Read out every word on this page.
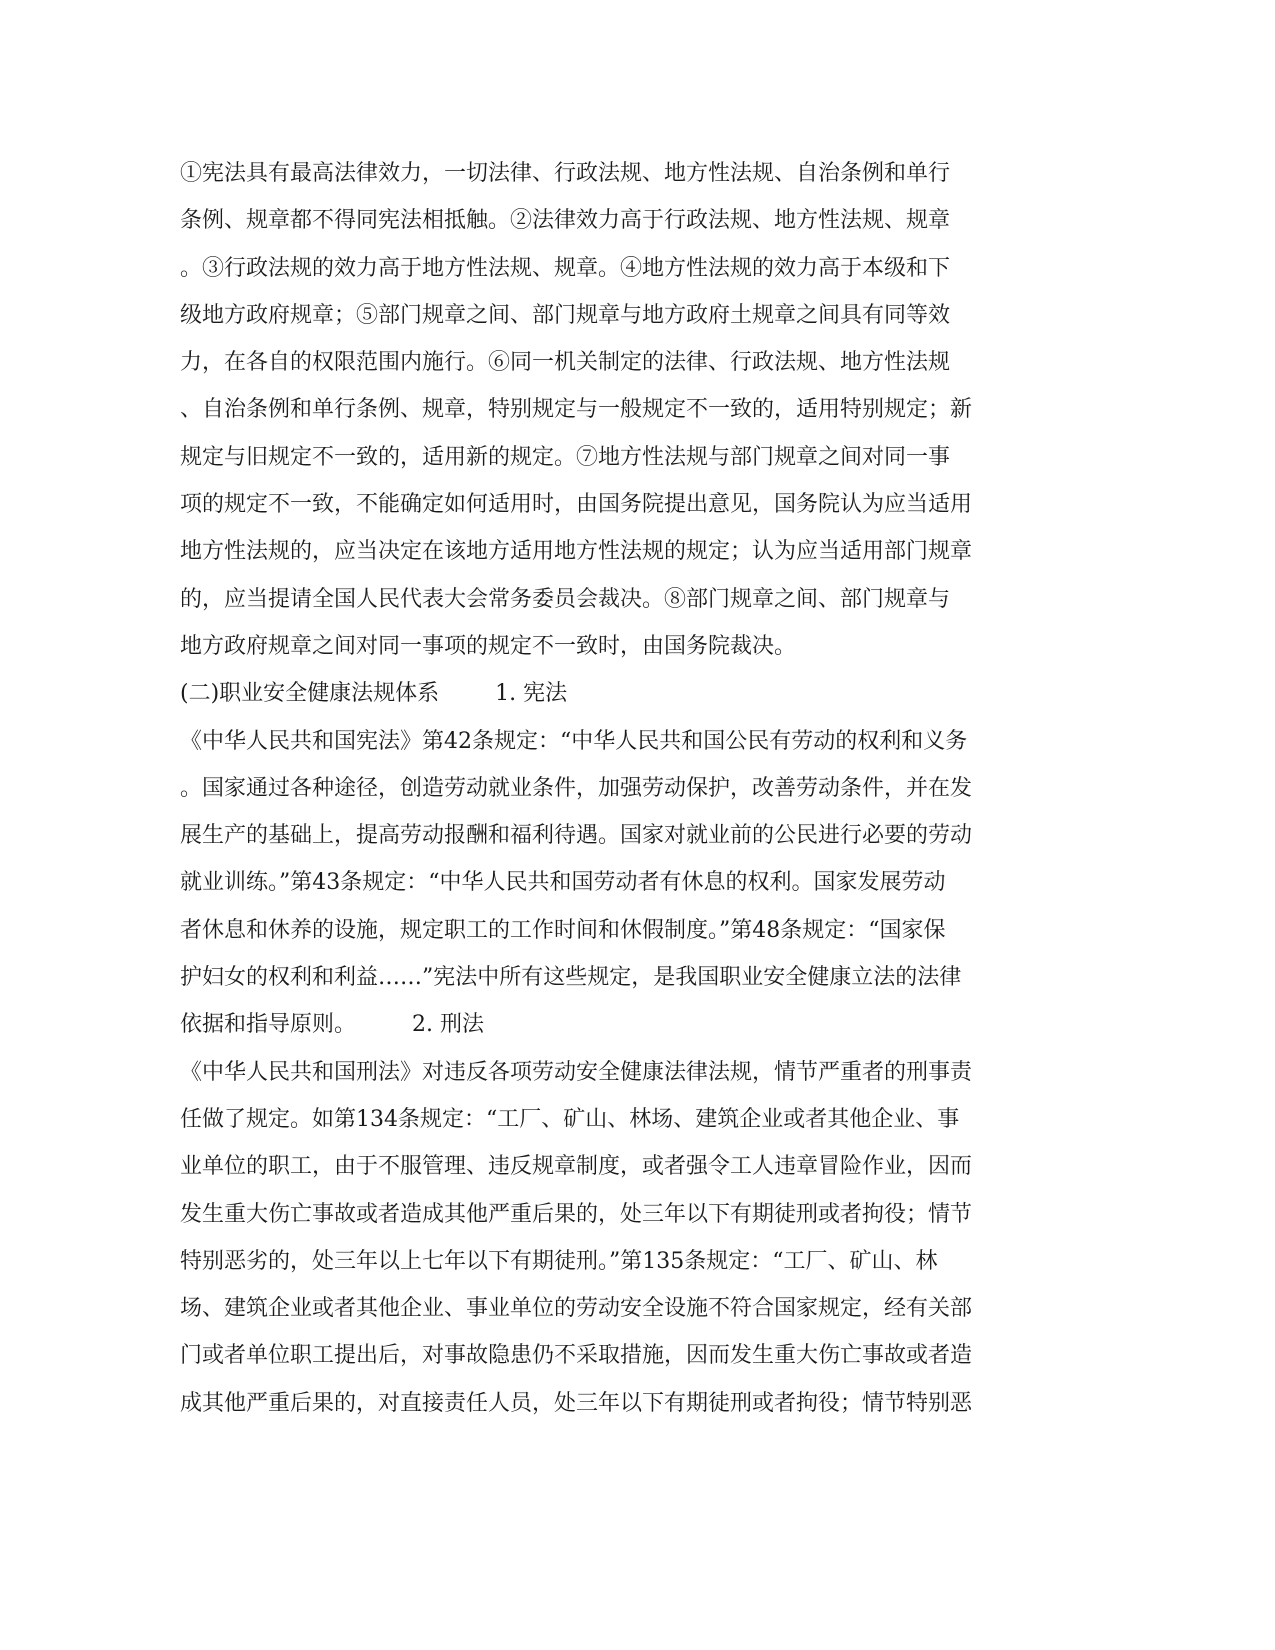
①宪法具有最高法律效力，一切法律、行政法规、地方性法规、自治条例和单行
条例、规章都不得同宪法相抵触。②法律效力高于行政法规、地方性法规、规章
。③行政法规的效力高于地方性法规、规章。④地方性法规的效力高于本级和下
级地方政府规章；⑤部门规章之间、部门规章与地方政府土规章之间具有同等效
力，在各自的权限范围内施行。⑥同一机关制定的法律、行政法规、地方性法规
、自治条例和单行条例、规章，特别规定与一般规定不一致的，适用特别规定；新
规定与旧规定不一致的，适用新的规定。⑦地方性法规与部门规章之间对同一事
项的规定不一致，不能确定如何适用时，由国务院提出意见，国务院认为应当适用
地方性法规的，应当决定在该地方适用地方性法规的规定；认为应当适用部门规章
的，应当提请全国人民代表大会常务委员会裁决。⑧部门规章之间、部门规章与
地方政府规章之间对同一事项的规定不一致时，由国务院裁决。
(二)职业安全健康法规体系	1. 宪法
《中华人民共和国宪法》第42条规定：“中华人民共和国公民有劳动的权利和义务
。国家通过各种途径，创造劳动就业条件，加强劳动保护，改善劳动条件，并在发
展生产的基础上，提高劳动报酬和福利待遇。国家对就业前的公民进行必要的劳动
就业训练。”第43条规定：“中华人民共和国劳动者有休息的权利。国家发展劳动
者休息和休养的设施，规定职工的工作时间和休假制度。”第48条规定：“国家保
护妇女的权利和利益……”宪法中所有这些规定，是我国职业安全健康立法的法律
依据和指导原则。	2. 刑法
《中华人民共和国刑法》对违反各项劳动安全健康法律法规，情节严重者的刑事责
任做了规定。如第134条规定：“工厂、矿山、林场、建筑企业或者其他企业、事
业单位的职工，由于不服管理、违反规章制度，或者强令工人违章冒险作业，因而
发生重大伤亡事故或者造成其他严重后果的，处三年以下有期徒刑或者拘役；情节
特别恶劣的，处三年以上七年以下有期徒刑。”第135条规定：“工厂、矿山、林
场、建筑企业或者其他企业、事业单位的劳动安全设施不符合国家规定，经有关部
门或者单位职工提出后，对事故隐患仍不采取措施，因而发生重大伤亡事故或者造
成其他严重后果的，对直接责任人员，处三年以下有期徒刑或者拘役；情节特别恶
